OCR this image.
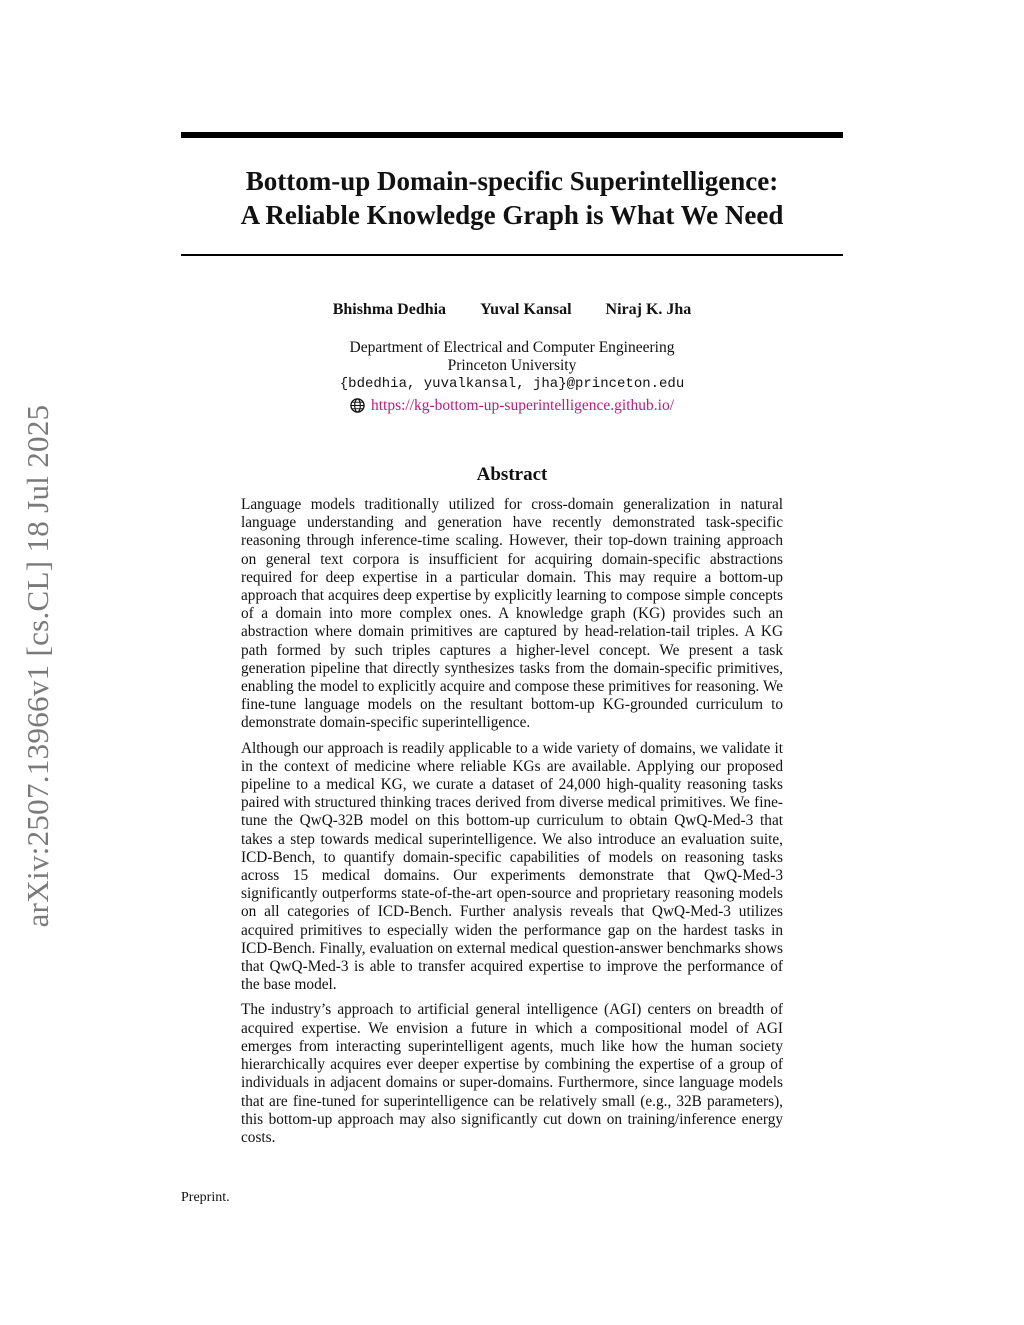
arXiv:2507.13966v1 [cs.CL] 18 Jul 2025
Bottom-up Domain-specific Superintelligence:
A Reliable Knowledge Graph is What We Need
Bhishma Dedhia Yuval Kansal Niraj K. Jha
Department of Electrical and Computer Engineering
Princeton University
{bdedhia, yuvalkansal, jha}@princeton.edu
https://kg-bottom-up-superintelligence.github.io/
Abstract

Language models traditionally utilized for cross-domain generalization in natural language understanding and generation have recently demonstrated task-specific reasoning through inference-time scaling. However, their top-down training approach on general text corpora is insufficient for acquiring domain-specific abstractions required for deep expertise in a particular domain. This may require a bottom-up approach that acquires deep expertise by explicitly learning to compose simple concepts of a domain into more complex ones. A knowledge graph (KG) provides such an abstraction where domain primitives are captured by head-relation-tail triples. A KG path formed by such triples captures a higher-level concept. We present a task generation pipeline that directly synthesizes tasks from the domain-specific primitives, enabling the model to explicitly acquire and compose these primitives for reasoning. We fine-tune language models on the resultant bottom-up KG-grounded curriculum to demonstrate domain-specific superintelligence.

Although our approach is readily applicable to a wide variety of domains, we validate it in the context of medicine where reliable KGs are available. Applying our proposed pipeline to a medical KG, we curate a dataset of 24,000 high-quality reasoning tasks paired with structured thinking traces derived from diverse medical primitives. We fine-tune the QwQ-32B model on this bottom-up curriculum to obtain QwQ-Med-3 that takes a step towards medical superintelligence. We also introduce an evaluation suite, ICD-Bench, to quantify domain-specific capabilities of models on reasoning tasks across 15 medical domains. Our experiments demonstrate that QwQ-Med-3 significantly outperforms state-of-the-art open-source and proprietary reasoning models on all categories of ICD-Bench. Further analysis reveals that QwQ-Med-3 utilizes acquired primitives to especially widen the performance gap on the hardest tasks in ICD-Bench. Finally, evaluation on external medical question-answer benchmarks shows that QwQ-Med-3 is able to transfer acquired expertise to improve the performance of the base model.

The industry’s approach to artificial general intelligence (AGI) centers on breadth of acquired expertise. We envision a future in which a compositional model of AGI emerges from interacting superintelligent agents, much like how the human society hierarchically acquires ever deeper expertise by combining the expertise of a group of individuals in adjacent domains or super-domains. Furthermore, since language models that are fine-tuned for superintelligence can be relatively small (e.g., 32B parameters), this bottom-up approach may also significantly cut down on training/inference energy costs.

Preprint.
